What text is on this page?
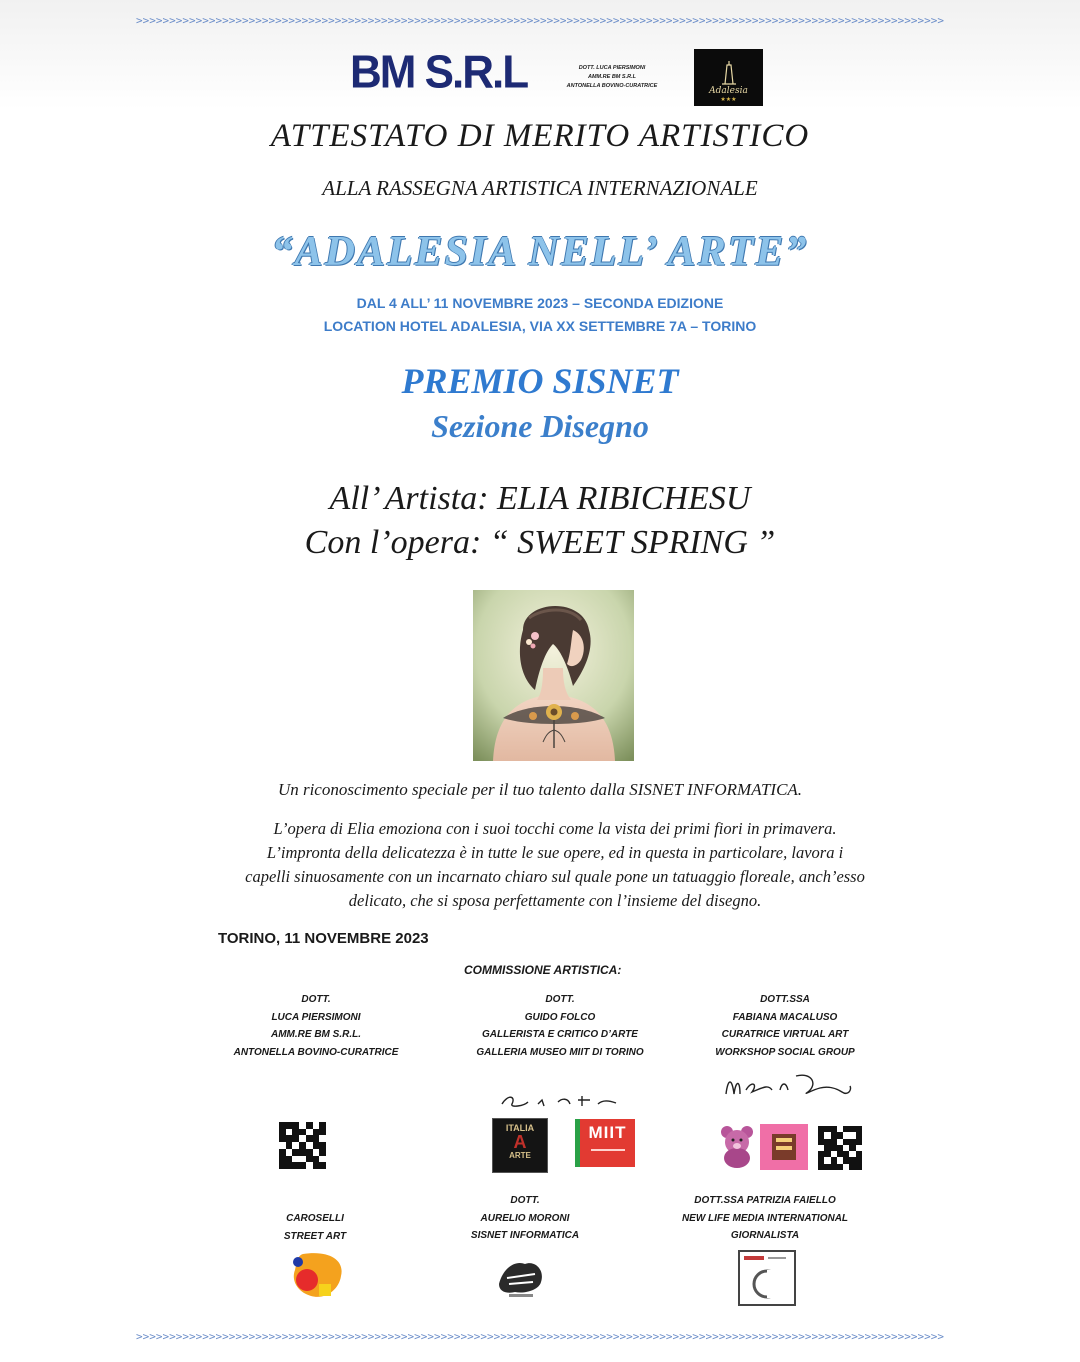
>>>>>>>>>>>>>>>>>>>>>>>>>>>>>>>>>>>>>>>>>>>>>>>>>>>>>>>>>>>>>>>>>>>>>>>>>>>>>>>>>>>>>>>>>>>>>>>>>>>>>>>>>>>>>>>>>>>>>>>>>>
BM S.R.L	DOTT. LUCA PIERSIMONI
AMM.RE BM S.R.L
ANTONELLA BOVINO-CURATRICE	Adalesia
★★★
ATTESTATO DI MERITO ARTISTICO
ALLA RASSEGNA ARTISTICA INTERNAZIONALE
“ADALESIA NELL’ ARTE”
DAL 4 ALL’ 11 NOVEMBRE 2023 – SECONDA EDIZIONE
LOCATION HOTEL ADALESIA, VIA XX SETTEMBRE 7A – TORINO
PREMIO SISNET
Sezione Disegno
All’ Artista: ELIA RIBICHESU
Con l’opera: “ SWEET SPRING ”
Un riconoscimento speciale per il tuo talento dalla SISNET INFORMATICA.
L’opera di Elia emoziona con i suoi tocchi come la vista dei primi fiori in primavera.
L’impronta della delicatezza è in tutte le sue opere, ed in questa in particolare, lavora i
capelli sinuosamente con un incarnato chiaro sul quale pone un tatuaggio floreale, anch’esso
delicato, che si sposa perfettamente con l’insieme del disegno.
TORINO, 11 NOVEMBRE 2023
COMMISSIONE ARTISTICA:
DOTT.
LUCA PIERSIMONI
AMM.RE BM S.R.L.
ANTONELLA BOVINO-CURATRICE
DOTT.
GUIDO FOLCO
GALLERISTA E CRITICO D’ARTE
GALLERIA MUSEO MIIT DI TORINO
DOTT.SSA
FABIANA MACALUSO
CURATRICE VIRTUAL ART
WORKSHOP SOCIAL GROUP
ITALIA
A
ARTE
MIIT
CAROSELLI
STREET ART
DOTT.
AURELIO MORONI
SISNET INFORMATICA
DOTT.SSA PATRIZIA FAIELLO
NEW LIFE MEDIA INTERNATIONAL
GIORNALISTA
>>>>>>>>>>>>>>>>>>>>>>>>>>>>>>>>>>>>>>>>>>>>>>>>>>>>>>>>>>>>>>>>>>>>>>>>>>>>>>>>>>>>>>>>>>>>>>>>>>>>>>>>>>>>>>>>>>>>>>>>>>
